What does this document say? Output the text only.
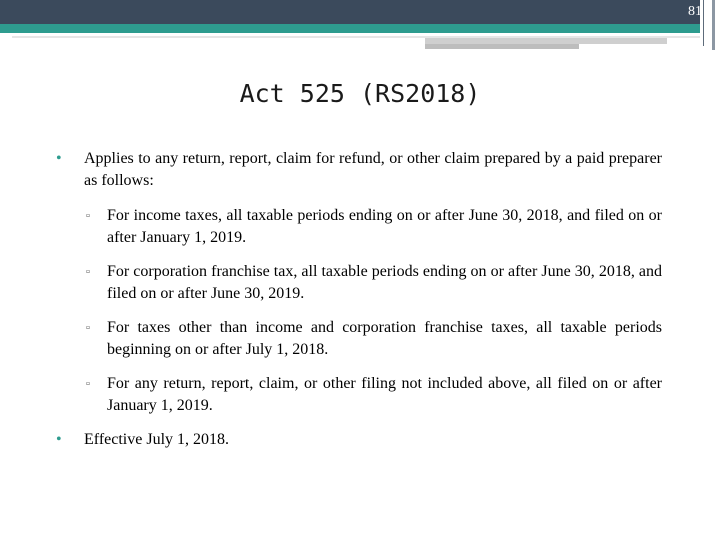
81
Act 525 (RS2018)
• Applies to any return, report, claim for refund, or other claim prepared by a paid preparer as follows:
▫ For income taxes, all taxable periods ending on or after June 30, 2018, and filed on or after January 1, 2019.
▫ For corporation franchise tax, all taxable periods ending on or after June 30, 2018, and filed on or after June 30, 2019.
▫ For taxes other than income and corporation franchise taxes, all taxable periods beginning on or after July 1, 2018.
▫ For any return, report, claim, or other filing not included above, all filed on or after January 1, 2019.
• Effective July 1, 2018.
